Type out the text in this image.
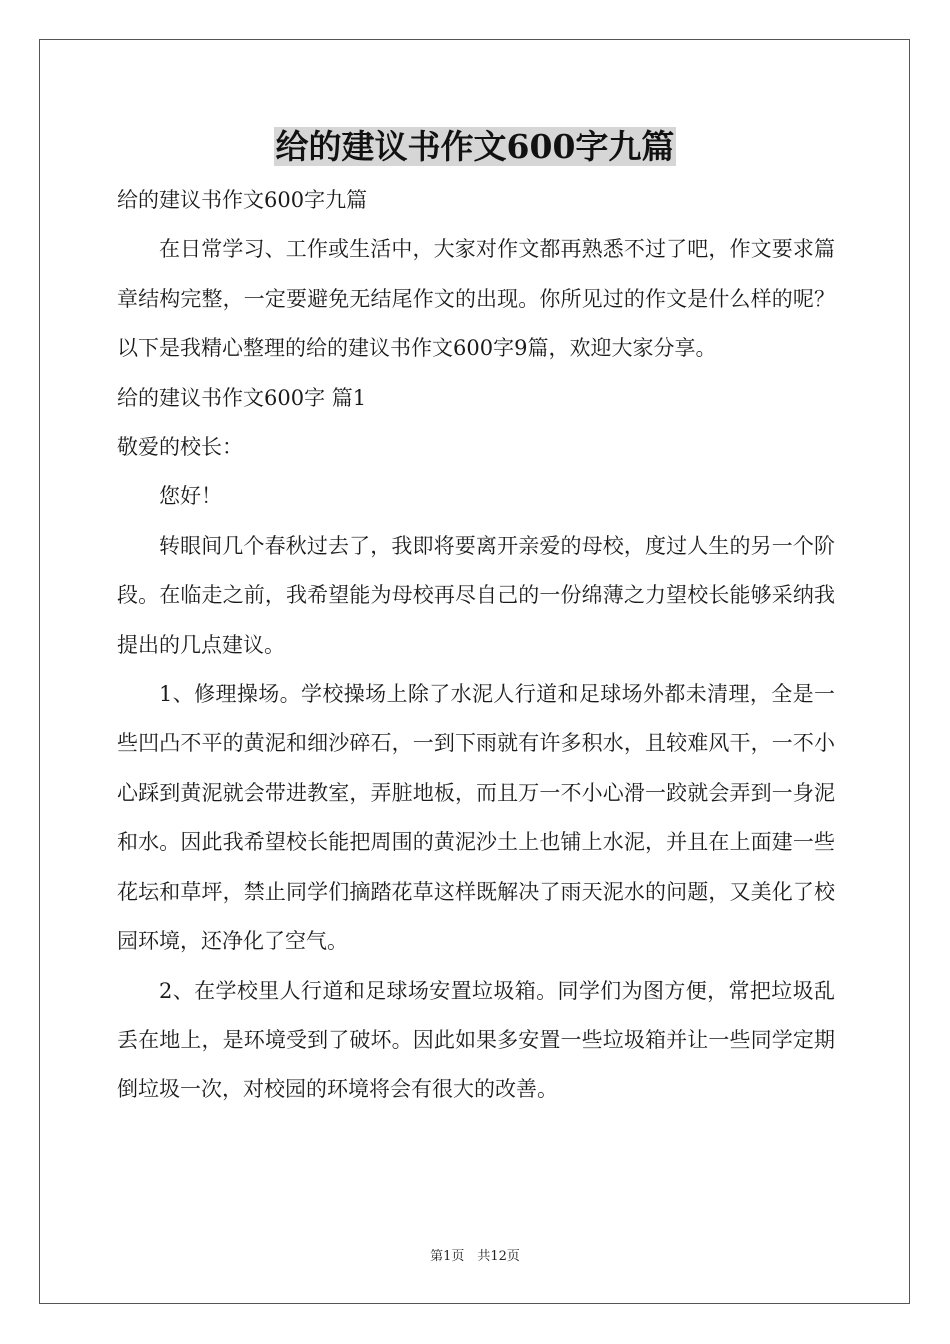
给的建议书作文600字九篇

给的建议书作文600字九篇

在日常学习、工作或生活中，大家对作文都再熟悉不过了吧，作文要求篇章结构完整，一定要避免无结尾作文的出现。你所见过的作文是什么样的呢？以下是我精心整理的给的建议书作文600字9篇，欢迎大家分享。

给的建议书作文600字 篇1

敬爱的校长：

您好！

转眼间几个春秋过去了，我即将要离开亲爱的母校，度过人生的另一个阶段。在临走之前，我希望能为母校再尽自己的一份绵薄之力望校长能够采纳我提出的几点建议。

1、修理操场。学校操场上除了水泥人行道和足球场外都未清理，全是一些凹凸不平的黄泥和细沙碎石，一到下雨就有许多积水，且较难风干，一不小心踩到黄泥就会带进教室，弄脏地板，而且万一不小心滑一跤就会弄到一身泥和水。因此我希望校长能把周围的黄泥沙土上也铺上水泥，并且在上面建一些花坛和草坪，禁止同学们摘踏花草这样既解决了雨天泥水的问题，又美化了校园环境，还净化了空气。

2、在学校里人行道和足球场安置垃圾箱。同学们为图方便，常把垃圾乱丢在地上，是环境受到了破坏。因此如果多安置一些垃圾箱并让一些同学定期倒垃圾一次，对校园的环境将会有很大的改善。

第1页　共12页
